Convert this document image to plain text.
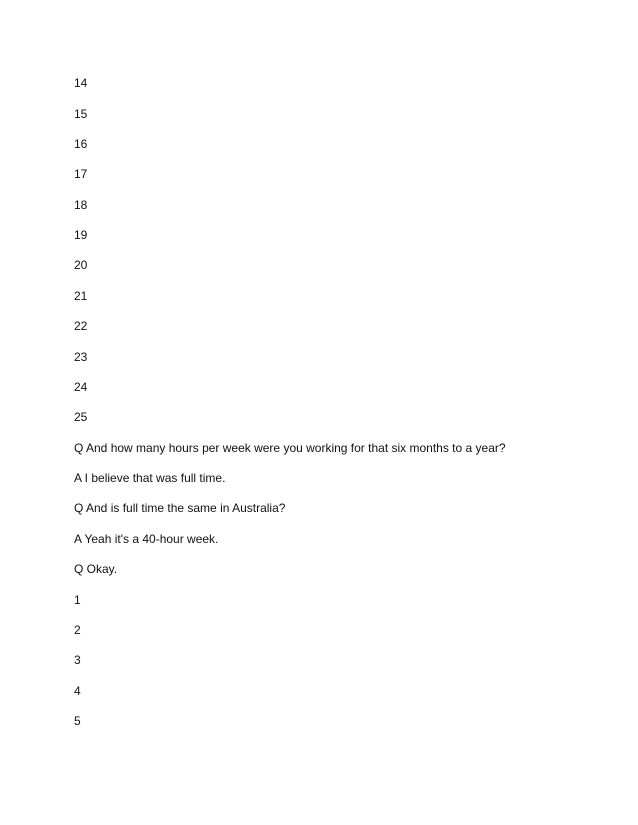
14
15
16
17
18
19
20
21
22
23
24
25
Q And how many hours per week were you working for that six months to a year?
A I believe that was full time.
Q And is full time the same in Australia?
A Yeah it's a 40-hour week.
Q Okay.
1
2
3
4
5
